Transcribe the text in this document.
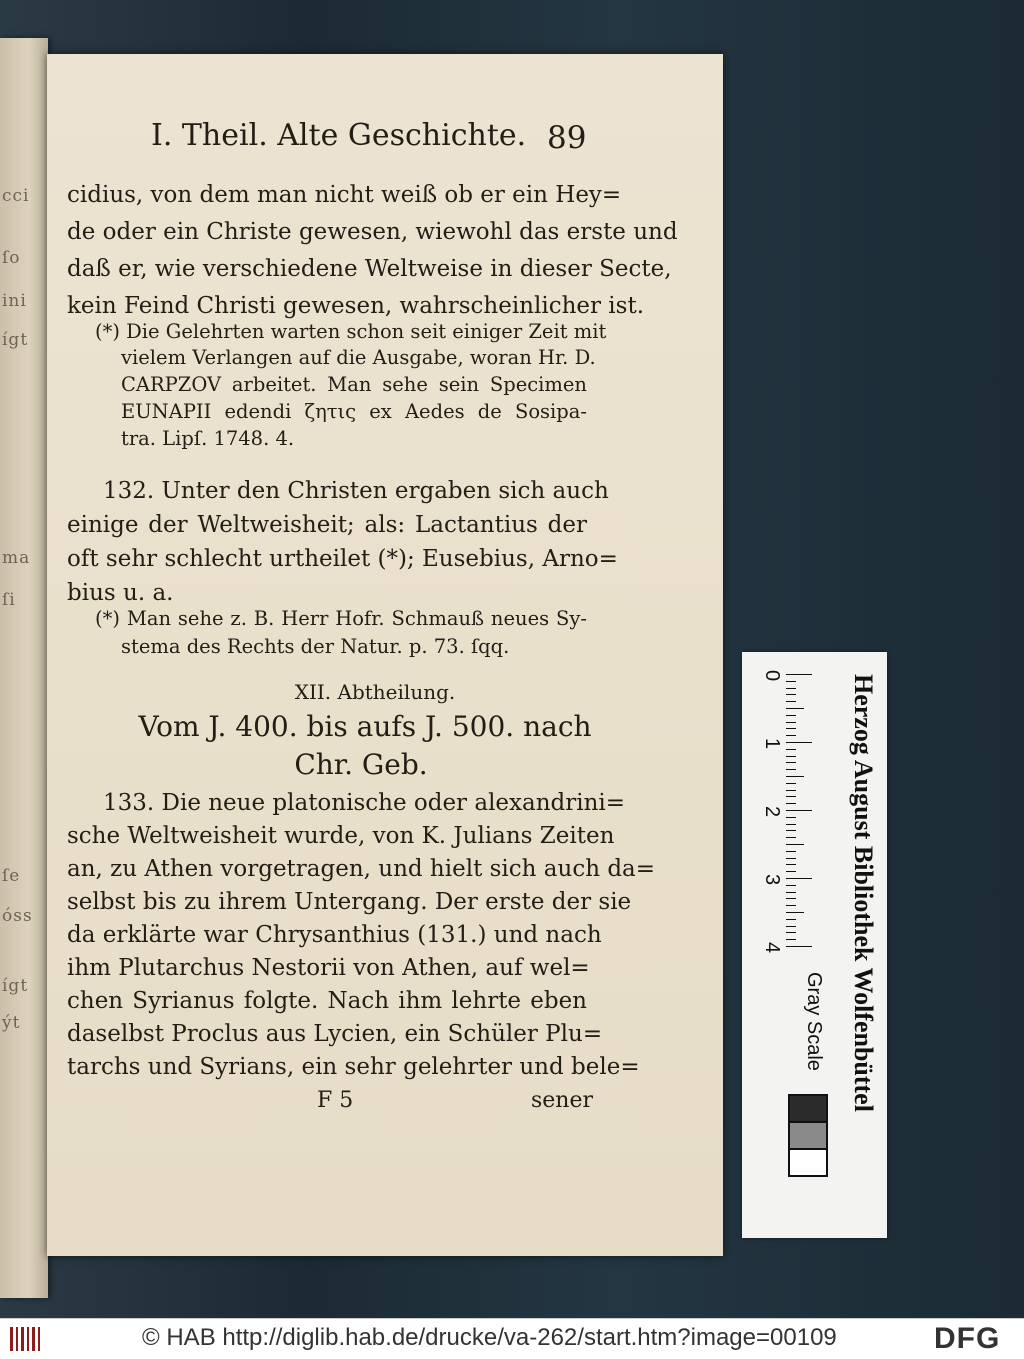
cci
ſo
ini
ígt
ma
ſi
ſe
óss
ígt
ýt
I. Theil. Alte Geschichte. 89
cidius, von dem man nicht weiß ob er ein Hey=
de oder ein Christe gewesen, wiewohl das erste und
daß er, wie verschiedene Weltweise in dieser Secte,
kein Feind Christi gewesen, wahrscheinlicher ist.
(*) Die Gelehrten warten schon seit einiger Zeit mit
vielem Verlangen auf die Ausgabe, woran Hr. D.
CARPZOV arbeitet. Man sehe sein Specimen
EUNAPII edendi ζητις ex Aedes de Sosipa-
tra. Lipſ. 1748. 4.
132. Unter den Christen ergaben sich auch
einige der Weltweisheit; als: Lactantius der
oft sehr schlecht urtheilet (*); Eusebius, Arno=
bius u. a.
(*) Man sehe z. B. Herr Hofr. Schmauß neues Sy-
stema des Rechts der Natur. p. 73. ſqq.
XII. Abtheilung.
Vom J. 400. bis aufs J. 500. nach
Chr. Geb.
133. Die neue platonische oder alexandrini=
sche Weltweisheit wurde, von K. Julians Zeiten
an, zu Athen vorgetragen, und hielt sich auch da=
selbst bis zu ihrem Untergang. Der erste der sie
da erklärte war Chrysanthius (131.) und nach
ihm Plutarchus Nestorii von Athen, auf wel=
chen Syrianus folgte. Nach ihm lehrte eben
daselbst Proclus aus Lycien, ein Schüler Plu=
tarchs und Syrians, ein sehr gelehrter und bele=
F 5	sener	Herzog August Bibliothek Wolfenbüttel
Gray Scale
0
1
2
3
4
© HAB http://diglib.hab.de/drucke/va-262/start.htm?image=00109	DFG
